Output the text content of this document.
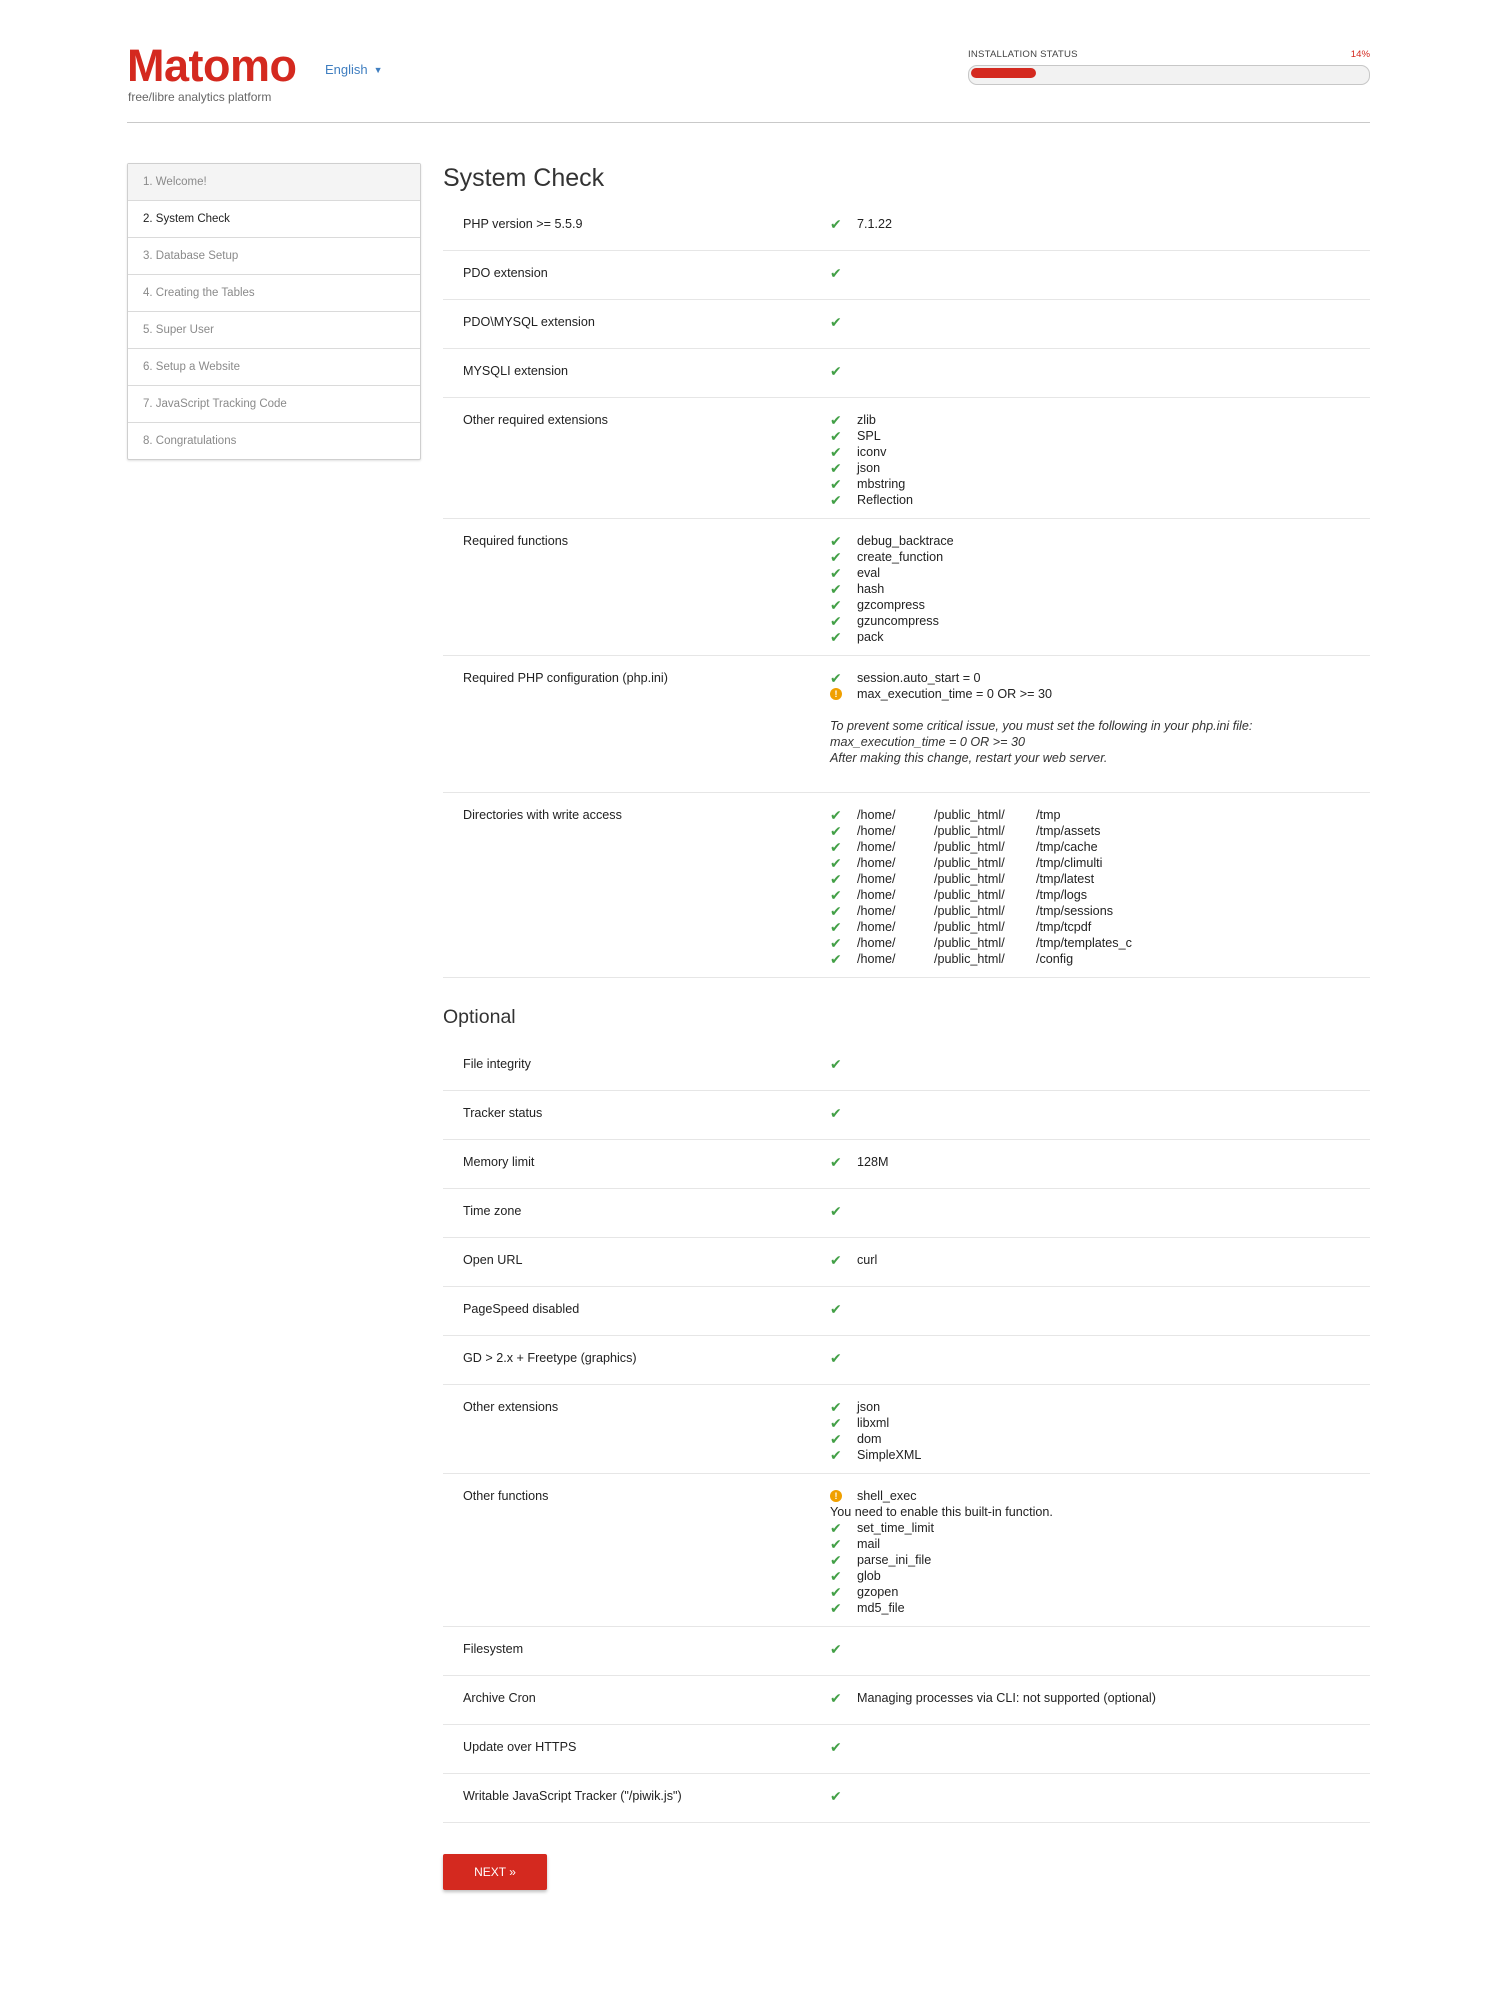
Matomo
free/libre analytics platform
English ▼
INSTALLATION STATUS	14%
1. Welcome!
2. System Check
3. Database Setup
4. Creating the Tables
5. Super User
6. Setup a Website
7. JavaScript Tracking Code
8. Congratulations
System Check
PHP version >= 5.5.9	✔	7.1.22
PDO extension	✔
PDO\MYSQL extension	✔
MYSQLI extension	✔
Other required extensions	✔	zlib
✔	SPL
✔	iconv
✔	json
✔	mbstring
✔	Reflection
Required functions	✔	debug_backtrace
✔	create_function
✔	eval
✔	hash
✔	gzcompress
✔	gzuncompress
✔	pack
Required PHP configuration (php.ini)	✔	session.auto_start = 0
!	max_execution_time = 0 OR >= 30
To prevent some critical issue, you must set the following in your php.ini file:
max_execution_time = 0 OR >= 30
After making this change, restart your web server.
Directories with write access	✔	/home/	/public_html/	/tmp
✔	/home/	/public_html/	/tmp/assets
✔	/home/	/public_html/	/tmp/cache
✔	/home/	/public_html/	/tmp/climulti
✔	/home/	/public_html/	/tmp/latest
✔	/home/	/public_html/	/tmp/logs
✔	/home/	/public_html/	/tmp/sessions
✔	/home/	/public_html/	/tmp/tcpdf
✔	/home/	/public_html/	/tmp/templates_c
✔	/home/	/public_html/	/config
Optional
File integrity	✔
Tracker status	✔
Memory limit	✔	128M
Time zone	✔
Open URL	✔	curl
PageSpeed disabled	✔
GD > 2.x + Freetype (graphics)	✔
Other extensions	✔	json
✔	libxml
✔	dom
✔	SimpleXML
Other functions	!	shell_exec
You need to enable this built-in function.
✔	set_time_limit
✔	mail
✔	parse_ini_file
✔	glob
✔	gzopen
✔	md5_file
Filesystem	✔
Archive Cron	✔	Managing processes via CLI: not supported (optional)
Update over HTTPS	✔
Writable JavaScript Tracker ("/piwik.js")	✔
NEXT »
